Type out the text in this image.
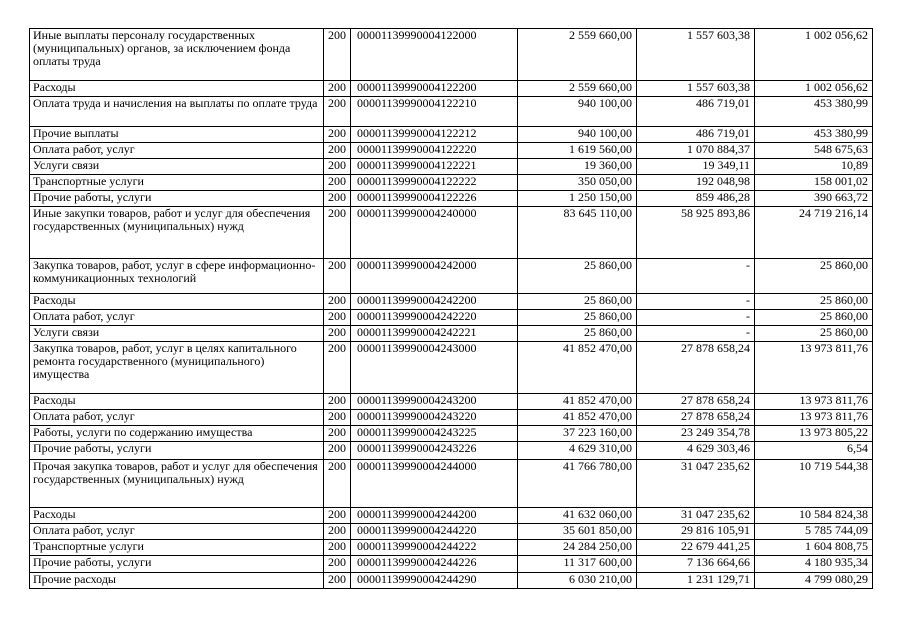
Иные выплаты персоналу государственных (муниципальных) органов, за исключением фонда оплаты труда	200	00001139990004122000	2 559 660,00	1 557 603,38	1 002 056,62
Расходы	200	00001139990004122200	2 559 660,00	1 557 603,38	1 002 056,62
Оплата труда и начисления на выплаты по оплате труда	200	00001139990004122210	940 100,00	486 719,01	453 380,99
Прочие выплаты	200	00001139990004122212	940 100,00	486 719,01	453 380,99
Оплата работ, услуг	200	00001139990004122220	1 619 560,00	1 070 884,37	548 675,63
Услуги связи	200	00001139990004122221	19 360,00	19 349,11	10,89
Транспортные услуги	200	00001139990004122222	350 050,00	192 048,98	158 001,02
Прочие работы, услуги	200	00001139990004122226	1 250 150,00	859 486,28	390 663,72
Иные закупки товаров, работ и услуг для обеспечения государственных (муниципальных) нужд	200	00001139990004240000	83 645 110,00	58 925 893,86	24 719 216,14
Закупка товаров, работ, услуг в сфере информационно-коммуникационных технологий	200	00001139990004242000	25 860,00	-	25 860,00
Расходы	200	00001139990004242200	25 860,00	-	25 860,00
Оплата работ, услуг	200	00001139990004242220	25 860,00	-	25 860,00
Услуги связи	200	00001139990004242221	25 860,00	-	25 860,00
Закупка товаров, работ, услуг в целях капитального ремонта государственного (муниципального) имущества	200	00001139990004243000	41 852 470,00	27 878 658,24	13 973 811,76
Расходы	200	00001139990004243200	41 852 470,00	27 878 658,24	13 973 811,76
Оплата работ, услуг	200	00001139990004243220	41 852 470,00	27 878 658,24	13 973 811,76
Работы, услуги по содержанию имущества	200	00001139990004243225	37 223 160,00	23 249 354,78	13 973 805,22
Прочие работы, услуги	200	00001139990004243226	4 629 310,00	4 629 303,46	6,54
Прочая закупка товаров, работ и услуг для обеспечения государственных (муниципальных) нужд	200	00001139990004244000	41 766 780,00	31 047 235,62	10 719 544,38
Расходы	200	00001139990004244200	41 632 060,00	31 047 235,62	10 584 824,38
Оплата работ, услуг	200	00001139990004244220	35 601 850,00	29 816 105,91	5 785 744,09
Транспортные услуги	200	00001139990004244222	24 284 250,00	22 679 441,25	1 604 808,75
Прочие работы, услуги	200	00001139990004244226	11 317 600,00	7 136 664,66	4 180 935,34
Прочие расходы	200	00001139990004244290	6 030 210,00	1 231 129,71	4 799 080,29
